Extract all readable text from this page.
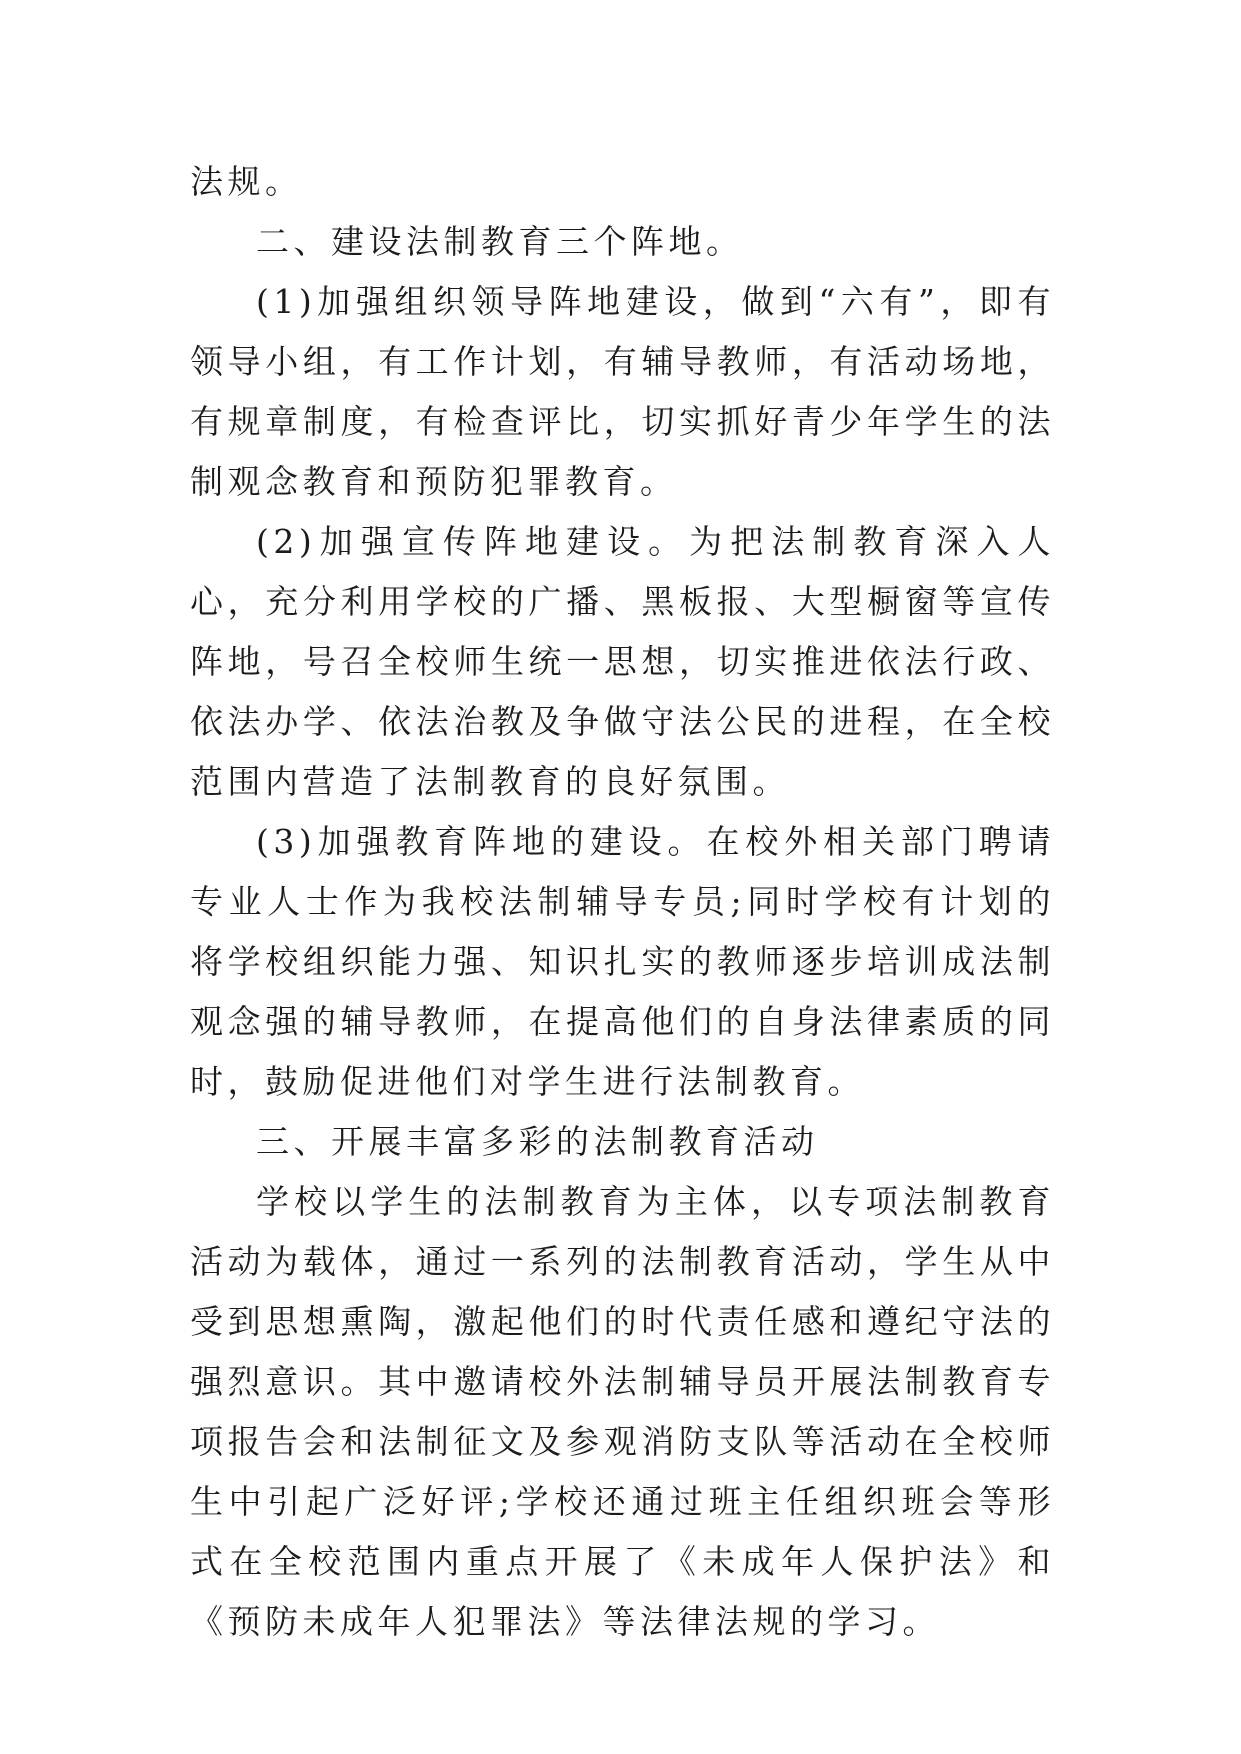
法规。

二、建设法制教育三个阵地。

(1)加强组织领导阵地建设，做到“六有”，即有领导小组，有工作计划，有辅导教师，有活动场地，有规章制度，有检查评比，切实抓好青少年学生的法制观念教育和预防犯罪教育。

(2)加强宣传阵地建设。为把法制教育深入人心，充分利用学校的广播、黑板报、大型橱窗等宣传阵地，号召全校师生统一思想，切实推进依法行政、依法办学、依法治教及争做守法公民的进程，在全校范围内营造了法制教育的良好氛围。

(3)加强教育阵地的建设。在校外相关部门聘请专业人士作为我校法制辅导专员;同时学校有计划的将学校组织能力强、知识扎实的教师逐步培训成法制观念强的辅导教师，在提高他们的自身法律素质的同时，鼓励促进他们对学生进行法制教育。

三、开展丰富多彩的法制教育活动

学校以学生的法制教育为主体，以专项法制教育活动为载体，通过一系列的法制教育活动，学生从中受到思想熏陶，激起他们的时代责任感和遵纪守法的强烈意识。其中邀请校外法制辅导员开展法制教育专项报告会和法制征文及参观消防支队等活动在全校师生中引起广泛好评;学校还通过班主任组织班会等形式在全校范围内重点开展了《未成年人保护法》和《预防未成年人犯罪法》等法律法规的学习。
